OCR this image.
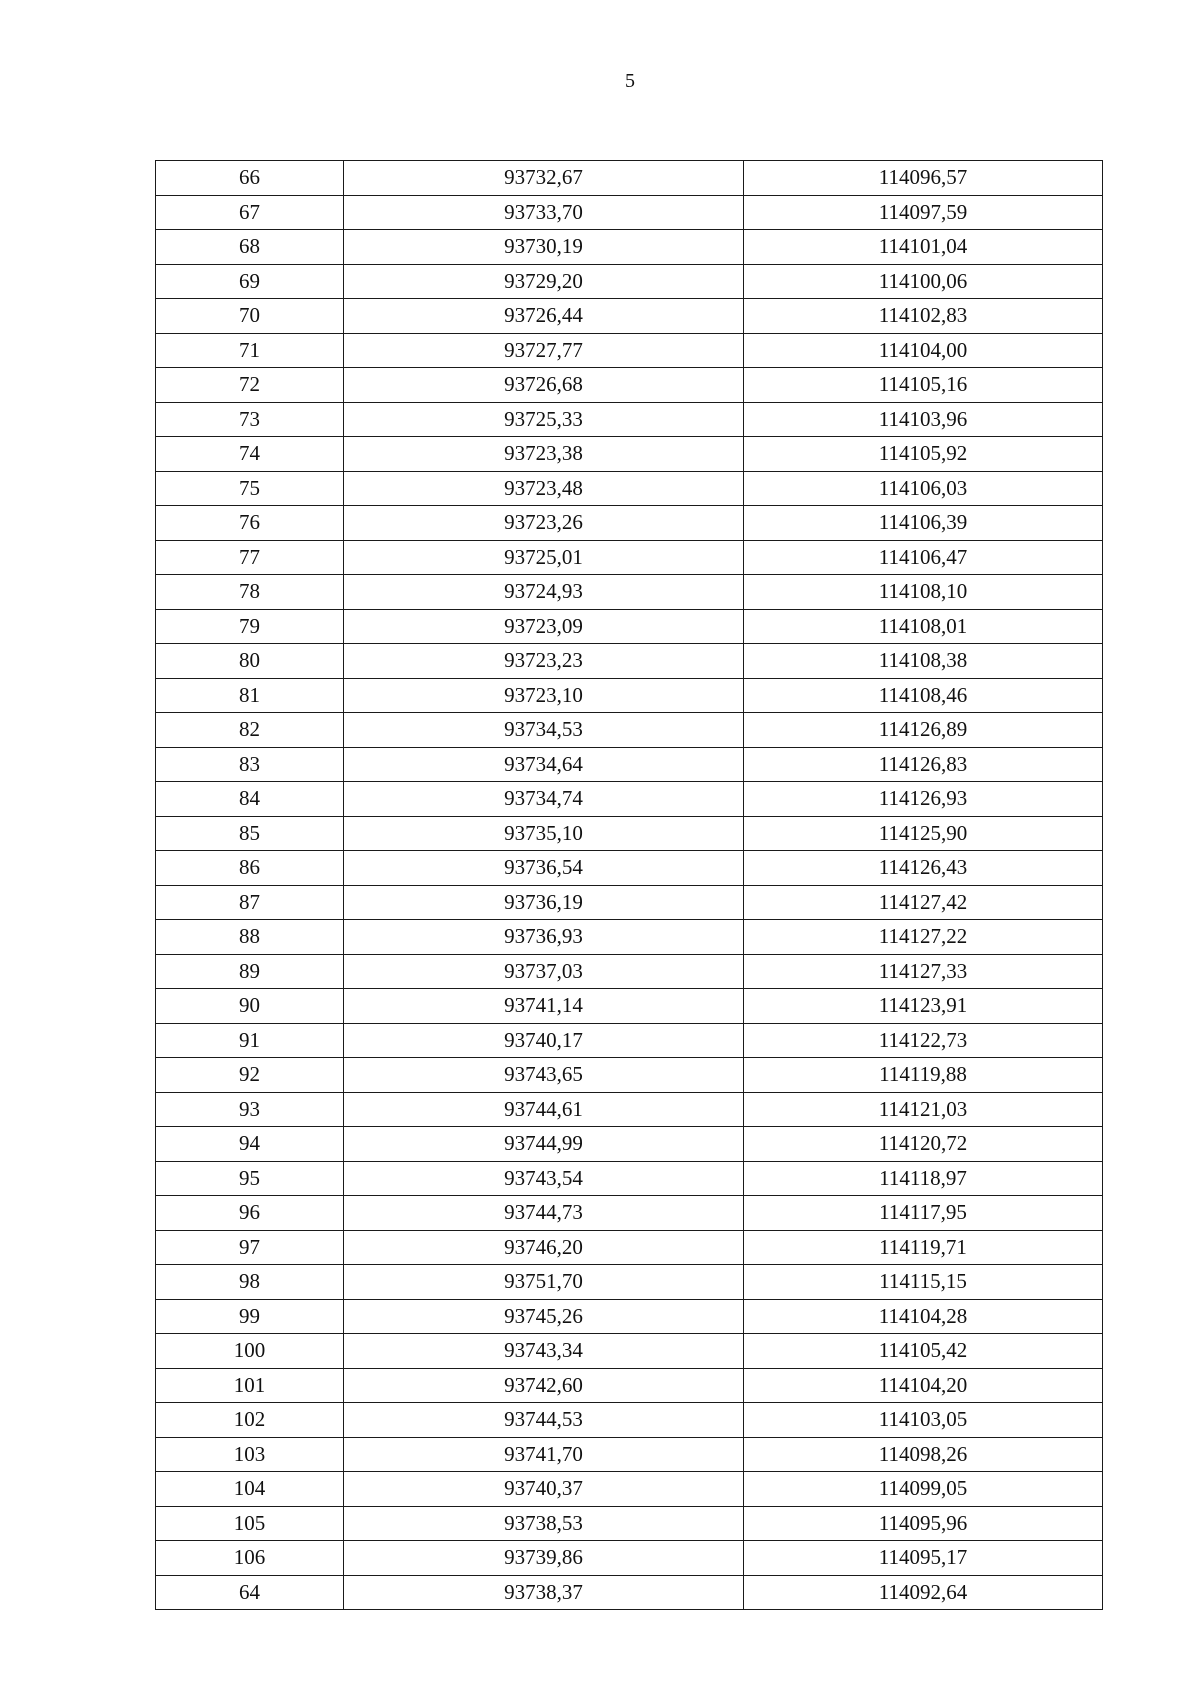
5
66	93732,67	114096,57
67	93733,70	114097,59
68	93730,19	114101,04
69	93729,20	114100,06
70	93726,44	114102,83
71	93727,77	114104,00
72	93726,68	114105,16
73	93725,33	114103,96
74	93723,38	114105,92
75	93723,48	114106,03
76	93723,26	114106,39
77	93725,01	114106,47
78	93724,93	114108,10
79	93723,09	114108,01
80	93723,23	114108,38
81	93723,10	114108,46
82	93734,53	114126,89
83	93734,64	114126,83
84	93734,74	114126,93
85	93735,10	114125,90
86	93736,54	114126,43
87	93736,19	114127,42
88	93736,93	114127,22
89	93737,03	114127,33
90	93741,14	114123,91
91	93740,17	114122,73
92	93743,65	114119,88
93	93744,61	114121,03
94	93744,99	114120,72
95	93743,54	114118,97
96	93744,73	114117,95
97	93746,20	114119,71
98	93751,70	114115,15
99	93745,26	114104,28
100	93743,34	114105,42
101	93742,60	114104,20
102	93744,53	114103,05
103	93741,70	114098,26
104	93740,37	114099,05
105	93738,53	114095,96
106	93739,86	114095,17
64	93738,37	114092,64
